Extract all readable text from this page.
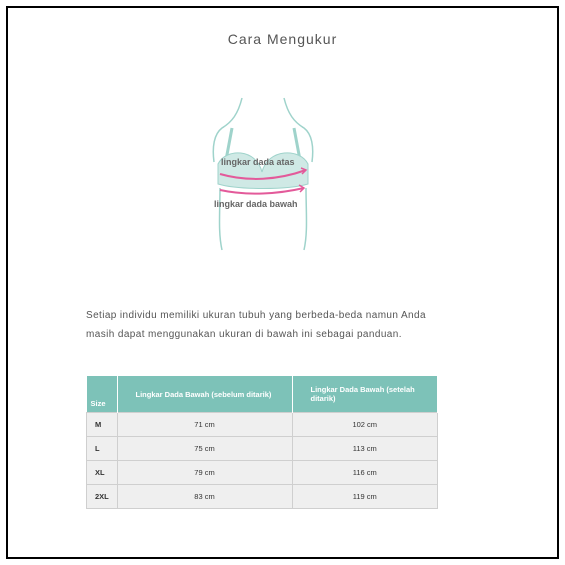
Cara Mengukur
lingkar dada atas
lingkar dada bawah
Setiap individu memiliki ukuran tubuh yang berbeda-beda namun Anda masih dapat menggunakan ukuran di bawah ini sebagai panduan.
Size	Lingkar Dada Bawah (sebelum ditarik)	Lingkar Dada Bawah (setelah ditarik)
M	71 cm	102 cm
L	75 cm	113 cm
XL	79 cm	116 cm
2XL	83 cm	119 cm
